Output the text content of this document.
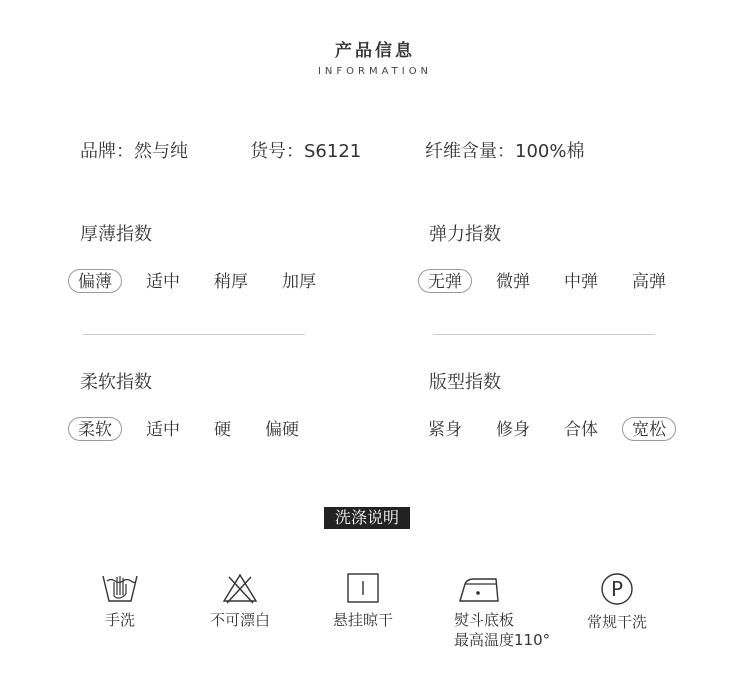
产品信息
INFORMATION
品牌：然与纯	货号：S6121	纤维含量：100%棉
厚薄指数
偏薄	适中	稍厚	加厚
弹力指数
无弹	微弹	中弹	高弹
柔软指数
柔软	适中	硬	偏硬
版型指数
紧身	修身	合体	宽松
洗涤说明
手洗	不可漂白	悬挂晾干	熨斗底板
最高温度110°
P
常规干洗
